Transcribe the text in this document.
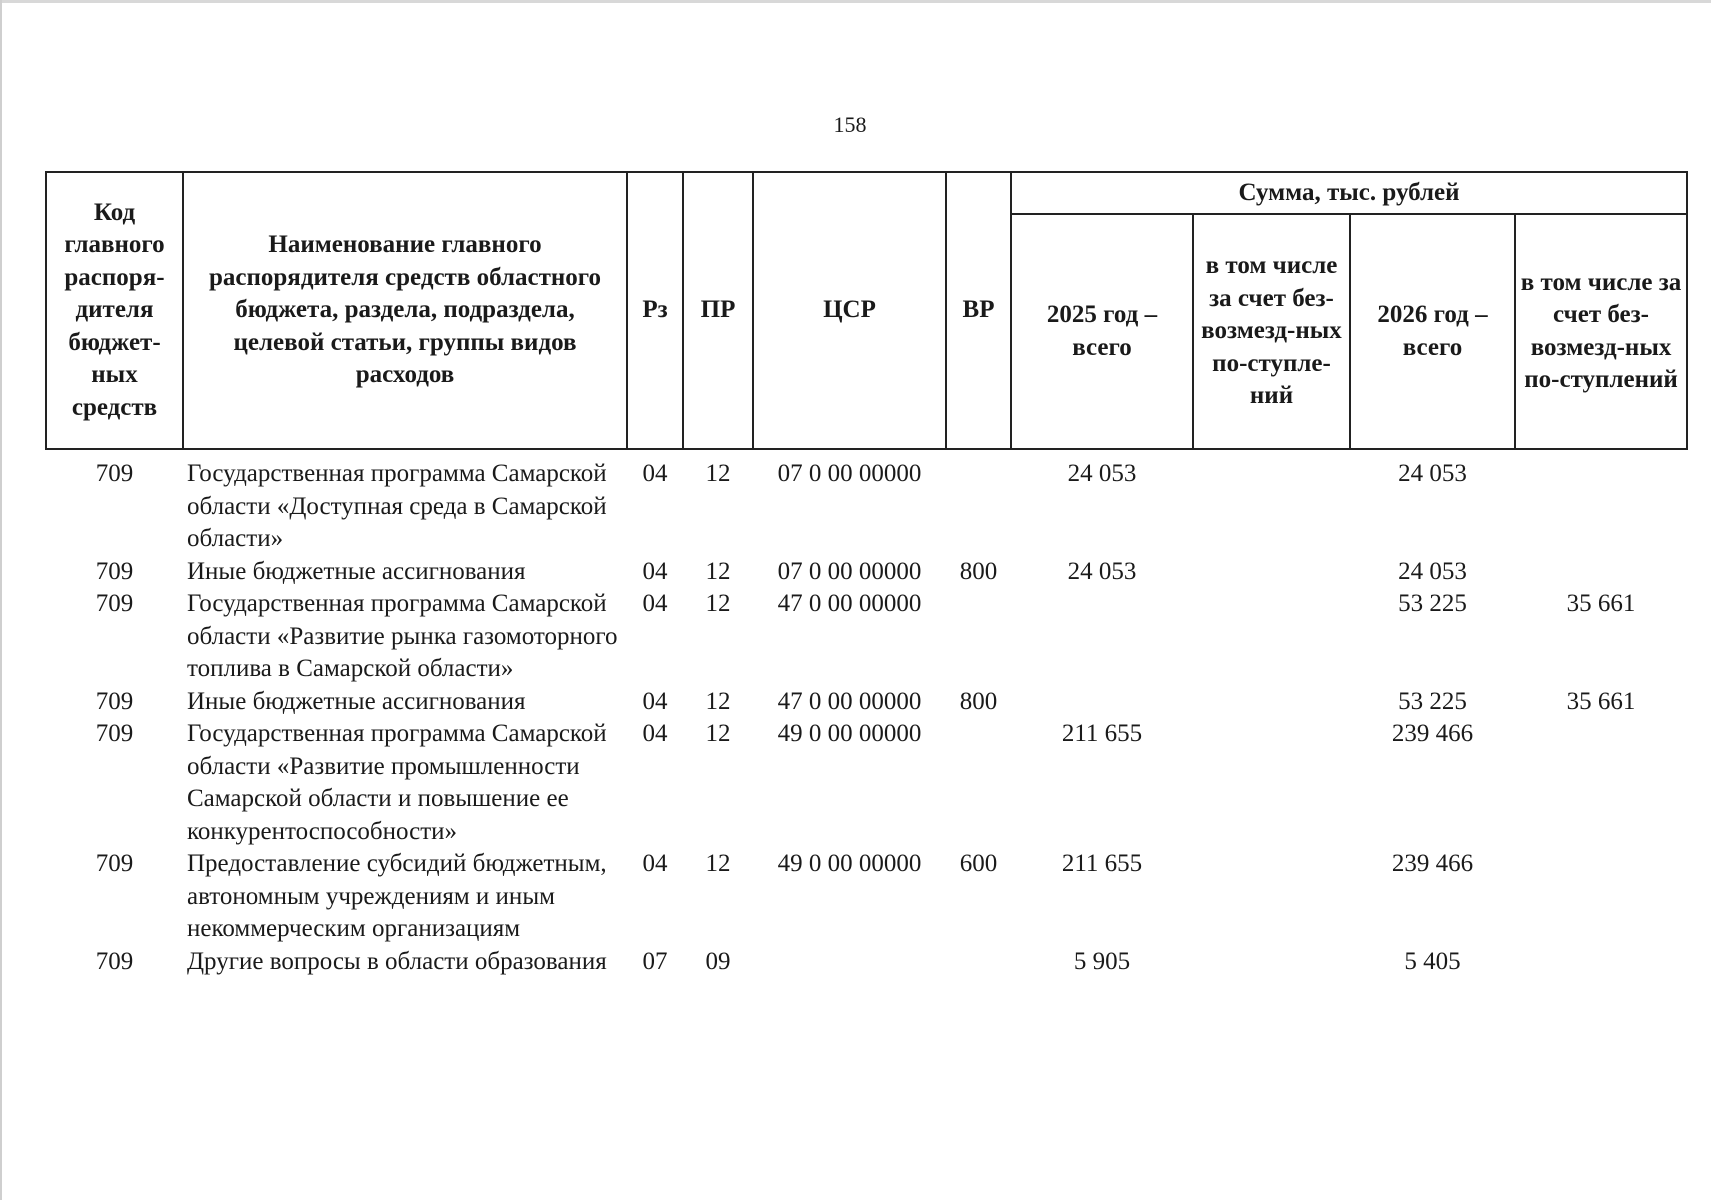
158
Код главного распоря-дителя бюджет-ных средств	Наименование главного распорядителя средств областного бюджета, раздела, подраздела, целевой статьи, группы видов расходов	Рз	ПР	ЦСР	ВР	Сумма, тыс. рублей			
						2025 год – всего	в том числе за счет без-возмезд-ных по-ступле-ний	2026 год – всего	в том числе за счет без-возмезд-ных по-ступлений

709	Государственная программа Самарской области «Доступная среда в Самарской области»	04	12	07 0 00 00000		24 053		24 053	
709	Иные бюджетные ассигнования	04	12	07 0 00 00000	800	24 053		24 053	
709	Государственная программа Самарской области «Развитие рынка газомоторного топлива в Самарской области»	04	12	47 0 00 00000				53 225	35 661
709	Иные бюджетные ассигнования	04	12	47 0 00 00000	800			53 225	35 661
709	Государственная программа Самарской области «Развитие промышленности Самарской области и повышение ее конкурентоспособности»	04	12	49 0 00 00000		211 655		239 466	
709	Предоставление субсидий бюджетным, автономным учреждениям и иным некоммерческим организациям	04	12	49 0 00 00000	600	211 655		239 466	
709	Другие вопросы в области образования	07	09			5 905		5 405	
